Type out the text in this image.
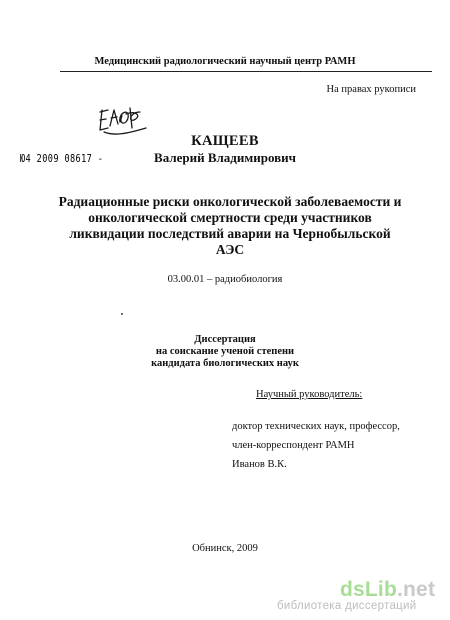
Медицинский радиологический научный центр РАМН
На правах рукописи
Ю4 2009 08617 -
КАЩЕЕВ
Валерий Владимирович
Радиационные риски онкологической заболеваемости и
онкологической смертности среди участников
ликвидации последствий аварии на Чернобыльской
АЭС
03.00.01 – радиобиология
Диссертация
на соискание ученой степени
кандидата биологических наук
Научный руководитель:
доктор технических наук, профессор,
член-корреспондент РАМН
Иванов В.К.
Обнинск, 2009
dsLib.net
библиотека диссертаций
